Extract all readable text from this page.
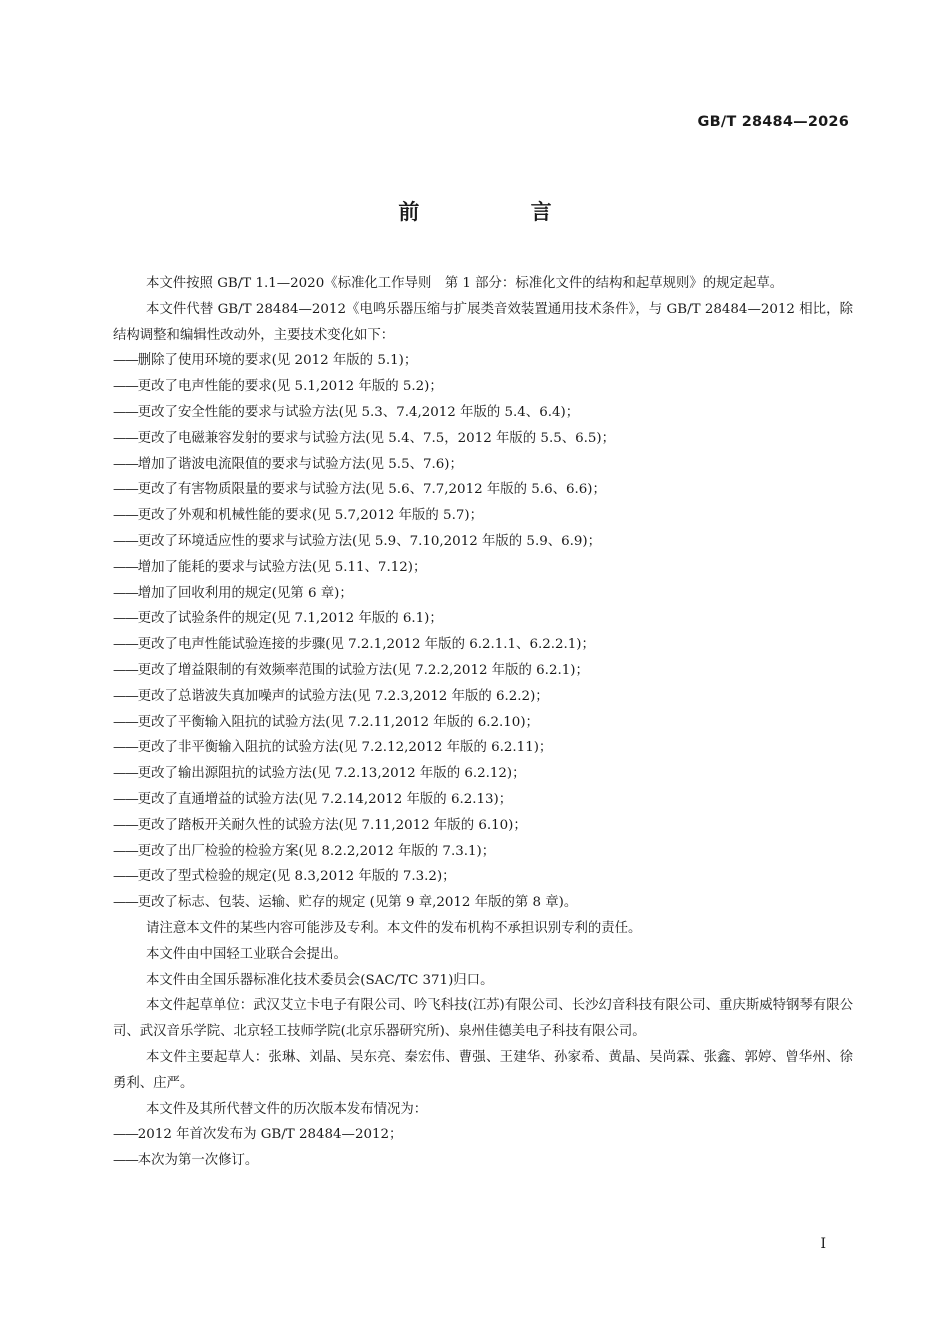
GB/T 28484—2026
前 言

本文件按照 GB/T 1.1—2020《标准化工作导则　第 1 部分：标准化文件的结构和起草规则》的规定起草。

本文件代替 GB/T 28484—2012《电鸣乐器压缩与扩展类音效装置通用技术条件》，与 GB/T 28484—2012 相比，除结构调整和编辑性改动外，主要技术变化如下：

——删除了使用环境的要求(见 2012 年版的 5.1)；

——更改了电声性能的要求(见 5.1,2012 年版的 5.2)；

——更改了安全性能的要求与试验方法(见 5.3、7.4,2012 年版的 5.4、6.4)；

——更改了电磁兼容发射的要求与试验方法(见 5.4、7.5，2012 年版的 5.5、6.5)；

——增加了谐波电流限值的要求与试验方法(见 5.5、7.6)；

——更改了有害物质限量的要求与试验方法(见 5.6、7.7,2012 年版的 5.6、6.6)；

——更改了外观和机械性能的要求(见 5.7,2012 年版的 5.7)；

——更改了环境适应性的要求与试验方法(见 5.9、7.10,2012 年版的 5.9、6.9)；

——增加了能耗的要求与试验方法(见 5.11、7.12)；

——增加了回收利用的规定(见第 6 章)；

——更改了试验条件的规定(见 7.1,2012 年版的 6.1)；

——更改了电声性能试验连接的步骤(见 7.2.1,2012 年版的 6.2.1.1、6.2.2.1)；

——更改了增益限制的有效频率范围的试验方法(见 7.2.2,2012 年版的 6.2.1)；

——更改了总谐波失真加噪声的试验方法(见 7.2.3,2012 年版的 6.2.2)；

——更改了平衡输入阻抗的试验方法(见 7.2.11,2012 年版的 6.2.10)；

——更改了非平衡输入阻抗的试验方法(见 7.2.12,2012 年版的 6.2.11)；

——更改了输出源阻抗的试验方法(见 7.2.13,2012 年版的 6.2.12)；

——更改了直通增益的试验方法(见 7.2.14,2012 年版的 6.2.13)；

——更改了踏板开关耐久性的试验方法(见 7.11,2012 年版的 6.10)；

——更改了出厂检验的检验方案(见 8.2.2,2012 年版的 7.3.1)；

——更改了型式检验的规定(见 8.3,2012 年版的 7.3.2)；

——更改了标志、包装、运输、贮存的规定 (见第 9 章,2012 年版的第 8 章)。

请注意本文件的某些内容可能涉及专利。本文件的发布机构不承担识别专利的责任。

本文件由中国轻工业联合会提出。

本文件由全国乐器标准化技术委员会(SAC/TC 371)归口。

本文件起草单位：武汉艾立卡电子有限公司、吟飞科技(江苏)有限公司、长沙幻音科技有限公司、重庆斯威特钢琴有限公司、武汉音乐学院、北京轻工技师学院(北京乐器研究所)、泉州佳德美电子科技有限公司。

本文件主要起草人：张琳、刘晶、吴东亮、秦宏伟、曹强、王建华、孙家希、黄晶、吴尚霖、张鑫、郭婷、曾华州、徐勇利、庄严。

本文件及其所代替文件的历次版本发布情况为：

——2012 年首次发布为 GB/T 28484—2012；

——本次为第一次修订。

I
